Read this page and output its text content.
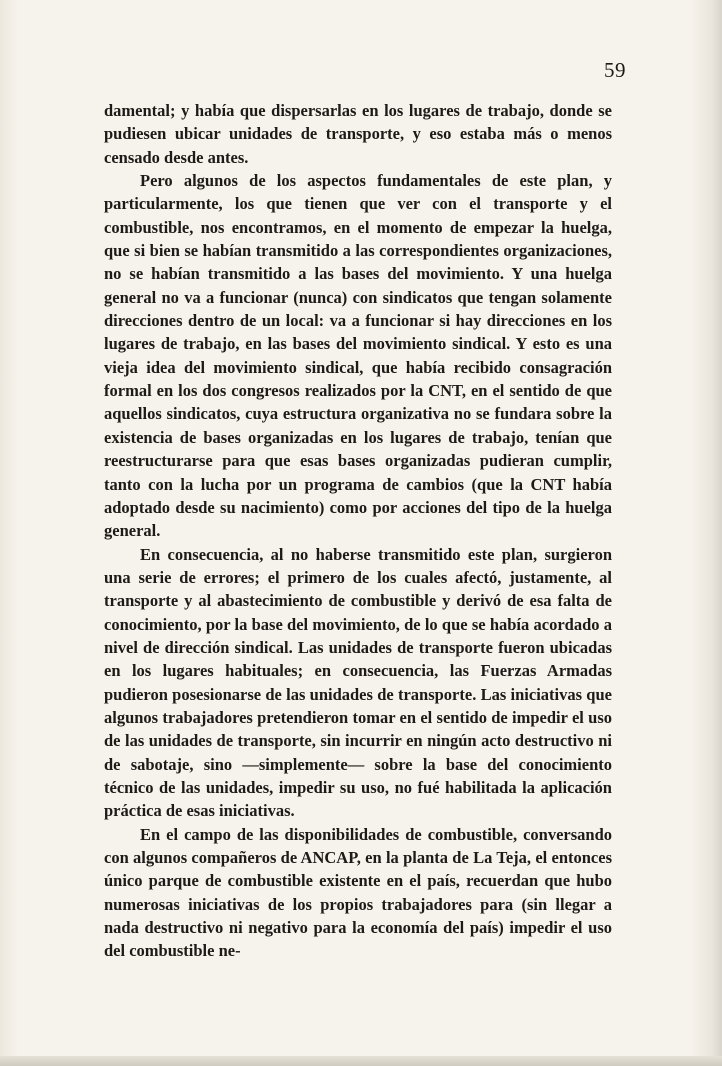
59

damental; y había que dispersarlas en los lugares de trabajo, donde se pudiesen ubicar unidades de transporte, y eso estaba más o menos censado desde antes.

Pero algunos de los aspectos fundamentales de este plan, y particularmente, los que tienen que ver con el transporte y el combustible, nos encontramos, en el momento de empezar la huelga, que si bien se habían transmitido a las correspondientes organizaciones, no se habían transmitido a las bases del movimiento. Y una huelga general no va a funcionar (nunca) con sindicatos que tengan solamente direcciones dentro de un local: va a funcionar si hay direcciones en los lugares de trabajo, en las bases del movimiento sindical. Y esto es una vieja idea del movimiento sindical, que había recibido consagración formal en los dos congresos realizados por la CNT, en el sentido de que aquellos sindicatos, cuya estructura organizativa no se fundara sobre la existencia de bases organizadas en los lugares de trabajo, tenían que reestructurarse para que esas bases organizadas pudieran cumplir, tanto con la lucha por un programa de cambios (que la CNT había adoptado desde su nacimiento) como por acciones del tipo de la huelga general.

En consecuencia, al no haberse transmitido este plan, surgieron una serie de errores; el primero de los cuales afectó, justamente, al transporte y al abastecimiento de combustible y derivó de esa falta de conocimiento, por la base del movimiento, de lo que se había acordado a nivel de dirección sindical. Las unidades de transporte fueron ubicadas en los lugares habituales; en consecuencia, las Fuerzas Armadas pudieron posesionarse de las unidades de transporte. Las iniciativas que algunos trabajadores pretendieron tomar en el sentido de impedir el uso de las unidades de transporte, sin incurrir en ningún acto destructivo ni de sabotaje, sino —simplemente— sobre la base del conocimiento técnico de las unidades, impedir su uso, no fué habilitada la aplicación práctica de esas iniciativas.

En el campo de las disponibilidades de combustible, conversando con algunos compañeros de ANCAP, en la planta de La Teja, el entonces único parque de combustible existente en el país, recuerdan que hubo numerosas iniciativas de los propios trabajadores para (sin llegar a nada destructivo ni negativo para la economía del país) impedir el uso del combustible ne-
